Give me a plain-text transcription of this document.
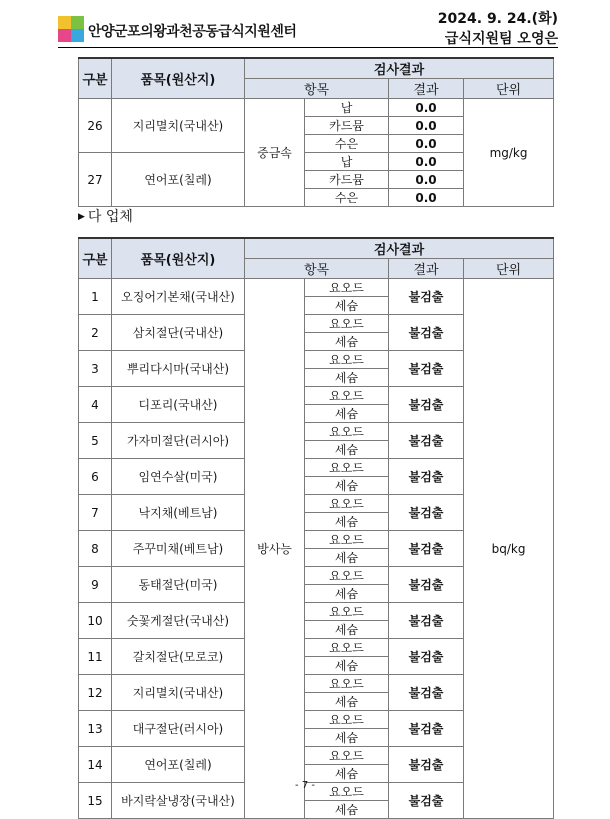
안양군포의왕과천공동급식지원센터
2024. 9. 24.(화)
급식지원팀 오영은
구분	품목(원산지)	검사결과			
		항목		결과	단위
26	지리멸치(국내산)	중금속	납	0.0	mg/kg
			카드뮴	0.0	
			수은	0.0	
27	연어포(칠레)		납	0.0	
			카드뮴	0.0	
			수은	0.0	
▶ 다 업체
구분	품목(원산지)	검사결과			
		항목		결과	단위
1	오징어기본채(국내산)	방사능	요오드	불검출	bq/kg
			세슘		
2	삼치절단(국내산)		요오드	불검출	
			세슘		
3	뿌리다시마(국내산)		요오드	불검출	
			세슘		
4	디포리(국내산)		요오드	불검출	
			세슘		
5	가자미절단(러시아)		요오드	불검출	
			세슘		
6	임연수살(미국)		요오드	불검출	
			세슘		
7	낙지채(베트남)		요오드	불검출	
			세슘		
8	주꾸미채(베트남)		요오드	불검출	
			세슘		
9	동태절단(미국)		요오드	불검출	
			세슘		
10	숫꽃게절단(국내산)		요오드	불검출	
			세슘		
11	갈치절단(모로코)		요오드	불검출	
			세슘		
12	지리멸치(국내산)		요오드	불검출	
			세슘		
13	대구절단(러시아)		요오드	불검출	
			세슘		
14	연어포(칠레)		요오드	불검출	
			세슘		
15	바지락살냉장(국내산)		요오드	불검출	
			세슘		
- 7 -
